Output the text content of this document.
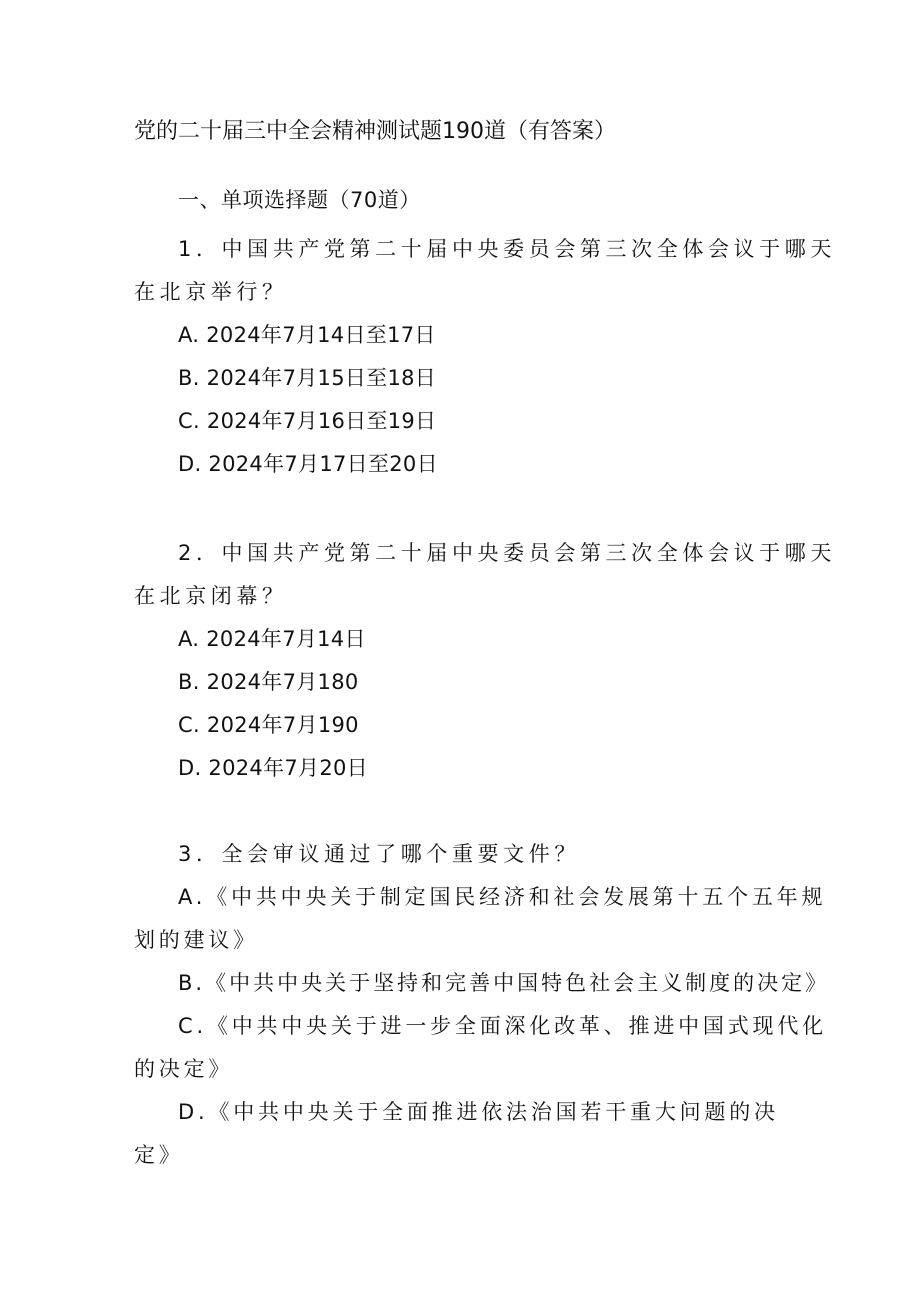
党的二十届三中全会精神测试题190道（有答案）
一、单项选择题（70道）
1．中国共产党第二十届中央委员会第三次全体会议于哪天
在北京举行？
A. 2024年7月14日至17日
B. 2024年7月15日至18日
C. 2024年7月16日至19日
D. 2024年7月17日至20日
2．中国共产党第二十届中央委员会第三次全体会议于哪天
在北京闭幕？
A. 2024年7月14日
B. 2024年7月180
C. 2024年7月190
D. 2024年7月20日
3．全会审议通过了哪个重要文件？
A.《中共中央关于制定国民经济和社会发展第十五个五年规
划的建议》
B.《中共中央关于坚持和完善中国特色社会主义制度的决定》
C.《中共中央关于进一步全面深化改革、推进中国式现代化
的决定》
D.《中共中央关于全面推进依法治国若干重大问题的决
定》
